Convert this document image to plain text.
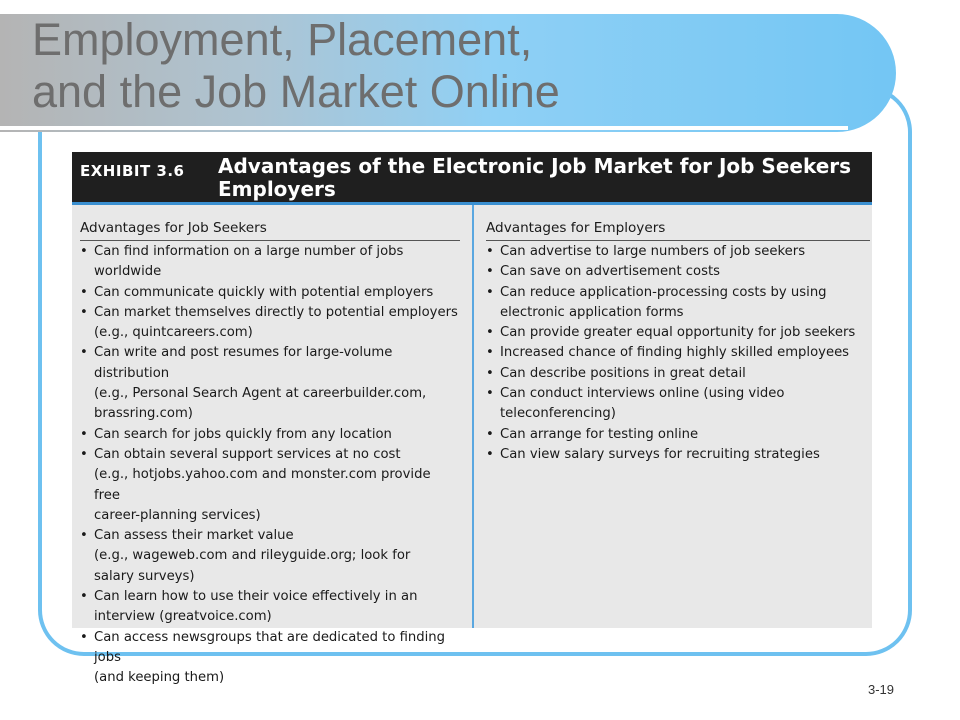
Employment, Placement,
and the Job Market Online
EXHIBIT 3.6 Advantages of the Electronic Job Market for Job Seekers Employers
Advantages for Job Seekers
• Can find information on a large number of jobs worldwide
• Can communicate quickly with potential employers
• Can market themselves directly to potential employers
(e.g., quintcareers.com)
• Can write and post resumes for large-volume distribution
(e.g., Personal Search Agent at careerbuilder.com,
brassring.com)
• Can search for jobs quickly from any location
• Can obtain several support services at no cost
(e.g., hotjobs.yahoo.com and monster.com provide free
career-planning services)
• Can assess their market value
(e.g., wageweb.com and rileyguide.org; look for
salary surveys)
• Can learn how to use their voice effectively in an
interview (greatvoice.com)
• Can access newsgroups that are dedicated to finding jobs
(and keeping them)
Advantages for Employers
• Can advertise to large numbers of job seekers
• Can save on advertisement costs
• Can reduce application-processing costs by using
electronic application forms
• Can provide greater equal opportunity for job seekers
• Increased chance of finding highly skilled employees
• Can describe positions in great detail
• Can conduct interviews online (using video
teleconferencing)
• Can arrange for testing online
• Can view salary surveys for recruiting strategies
3-19
